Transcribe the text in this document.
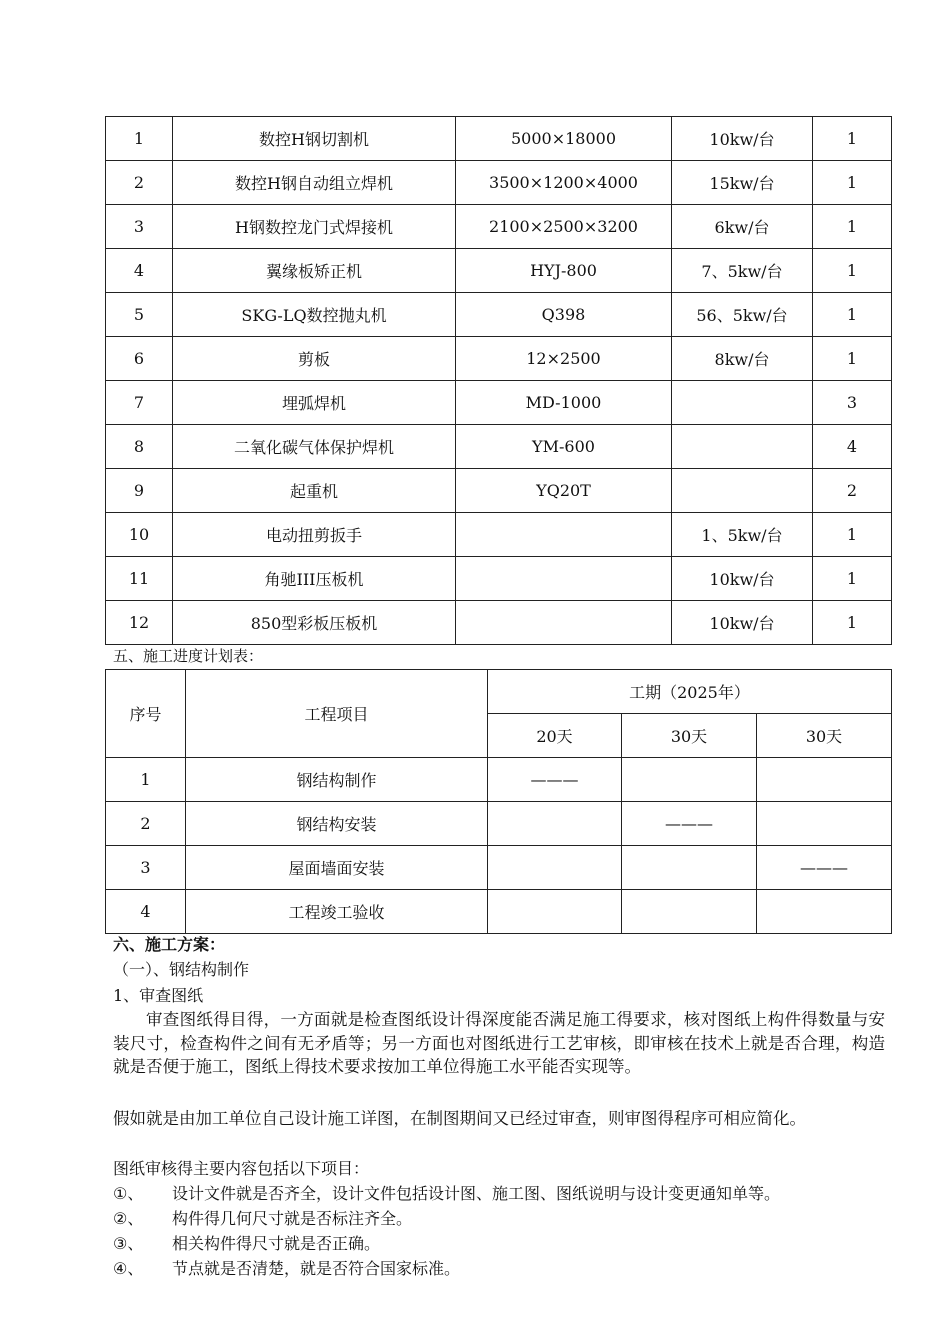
1	数控H钢切割机	5000×18000	10kw/台	1
2	数控H钢自动组立焊机	3500×1200×4000	15kw/台	1
3	H钢数控龙门式焊接机	2100×2500×3200	6kw/台	1
4	翼缘板矫正机	HYJ-800	7、5kw/台	1
5	SKG-LQ数控抛丸机	Q398	56、5kw/台	1
6	剪板	12×2500	8kw/台	1
7	埋弧焊机	MD-1000		3
8	二氧化碳气体保护焊机	YM-600		4
9	起重机	YQ20T		2
10	电动扭剪扳手		1、5kw/台	1
11	角驰III压板机		10kw/台	1
12	850型彩板压板机		10kw/台	1
五、施工进度计划表：
序号	工程项目	工期（2025年）		
		20天	30天	30天
1	钢结构制作	———		
2	钢结构安装		———	
3	屋面墙面安装			———
4	工程竣工验收			
六、施工方案：
（一）、钢结构制作
1、审查图纸
审查图纸得目得，一方面就是检查图纸设计得深度能否满足施工得要求，核对图纸上构件得数量与安装尺寸，检查构件之间有无矛盾等；另一方面也对图纸进行工艺审核，即审核在技术上就是否合理，构造就是否便于施工，图纸上得技术要求按加工单位得施工水平能否实现等。
假如就是由加工单位自己设计施工详图，在制图期间又已经过审查，则审图得程序可相应简化。
图纸审核得主要内容包括以下项目：
①、 设计文件就是否齐全，设计文件包括设计图、施工图、图纸说明与设计变更通知单等。
②、 构件得几何尺寸就是否标注齐全。
③、 相关构件得尺寸就是否正确。
④、 节点就是否清楚，就是否符合国家标准。
